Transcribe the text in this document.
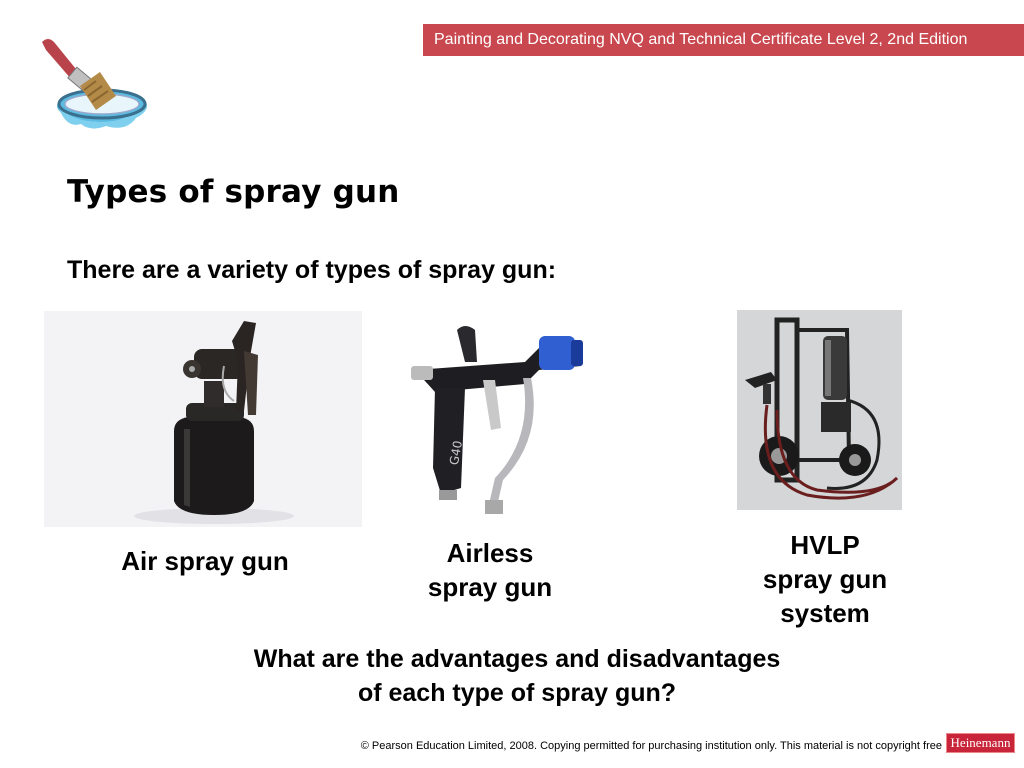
Painting and Decorating NVQ and Technical Certificate Level 2, 2nd Edition
Types of spray gun

There are a variety of types of spray gun:

G40
Air spray gun	Airless
spray gun
HVLP
spray gun
system
What are the advantages and disadvantages
of each type of spray gun?
© Pearson Education Limited, 2008. Copying permitted for purchasing institution only. This material is not copyright free Heinemann
